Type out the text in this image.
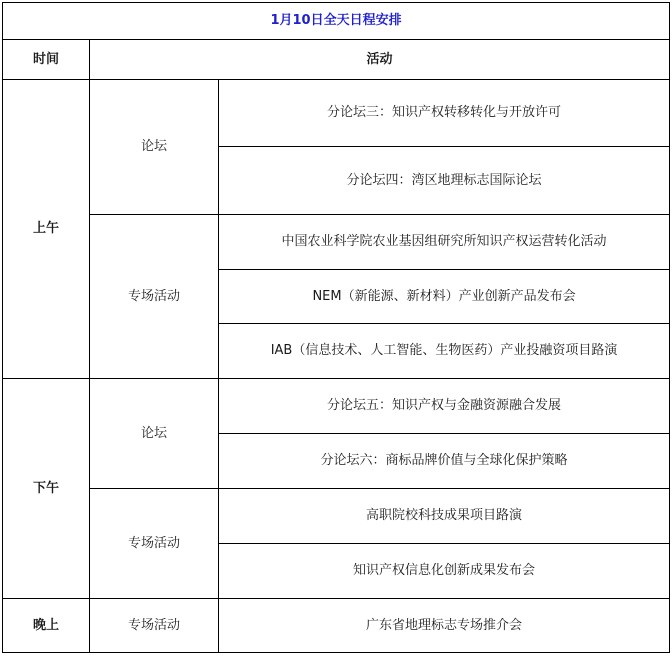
1月10日全天日程安排		
时间	活动	
上午	论坛	分论坛三：知识产权转移转化与开放许可
		分论坛四：湾区地理标志国际论坛
	专场活动	中国农业科学院农业基因组研究所知识产权运营转化活动
		NEM（新能源、新材料）产业创新产品发布会
		IAB（信息技术、人工智能、生物医药）产业投融资项目路演
下午	论坛	分论坛五：知识产权与金融资源融合发展
		分论坛六：商标品牌价值与全球化保护策略
	专场活动	高职院校科技成果项目路演
		知识产权信息化创新成果发布会
晚上	专场活动	广东省地理标志专场推介会
